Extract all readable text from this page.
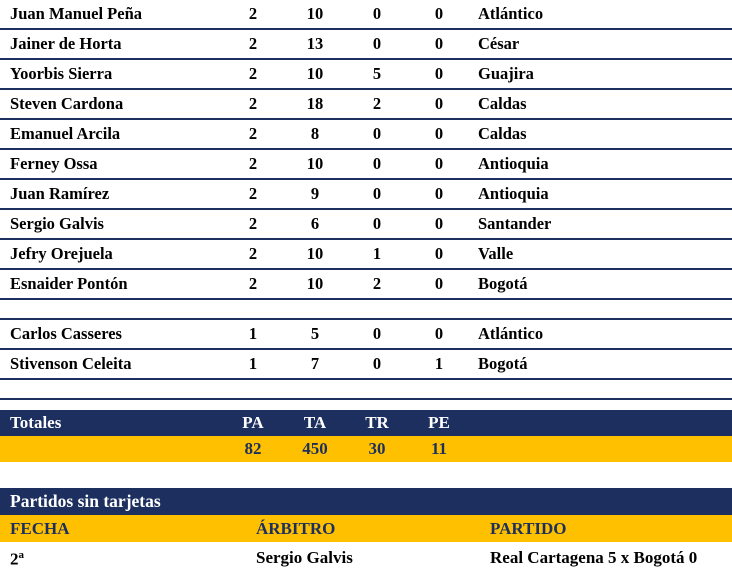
Juan Manuel Peña	2	10	0	0	Atlántico
Jainer de Horta	2	13	0	0	César
Yoorbis Sierra	2	10	5	0	Guajira
Steven Cardona	2	18	2	0	Caldas
Emanuel Arcila	2	8	0	0	Caldas
Ferney Ossa	2	10	0	0	Antioquia
Juan Ramírez	2	9	0	0	Antioquia
Sergio Galvis	2	6	0	0	Santander
Jefry Orejuela	2	10	1	0	Valle
Esnaider Pontón	2	10	2	0	Bogotá

Carlos Casseres	1	5	0	0	Atlántico
Stivenson Celeita	1	7	0	1	Bogotá

Totales	PA	TA	TR	PE	
	82	450	30	11	
Partidos sin tarjetas		
FECHA	ÁRBITRO	PARTIDO
2$^a$	Sergio Galvis	Real Cartagena 5 x Bogotá 0
